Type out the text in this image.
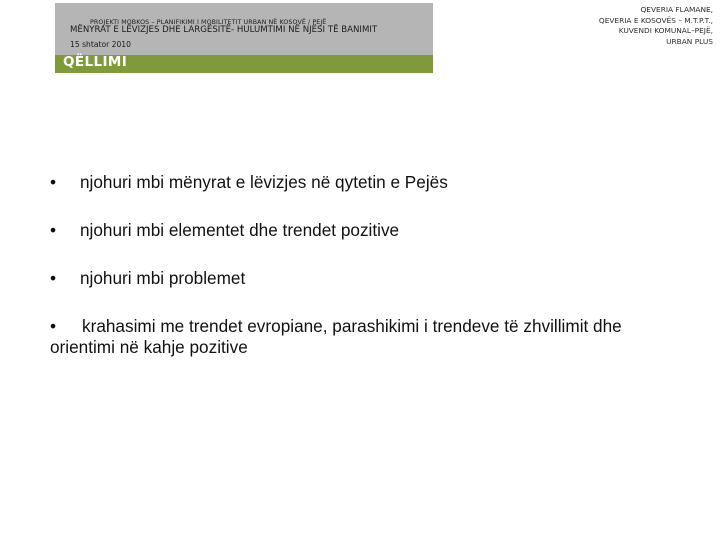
PROJEKTI MOBKOS – PLANIFIKIMI I MOBILITETIT URBAN NË KOSOVË / PEJË
MËNYRAT E LËVIZJES DHE LARGËSITË- HULUMTIMI NË NJËSI TË BANIMIT
15 shtator 2010
QËLLIMI
QEVERIA FLAMANE,
QEVERIA E KOSOVËS – M.T.P.T.,
KUVENDI KOMUNAL–PEJË,
URBAN PLUS
• njohuri mbi mënyrat e lëvizjes në qytetin e Pejës
• njohuri mbi elementet dhe trendet pozitive
• njohuri mbi problemet
• krahasimi me trendet evropiane, parashikimi i trendeve të zhvillimit dhe orientimi në kahje pozitive
